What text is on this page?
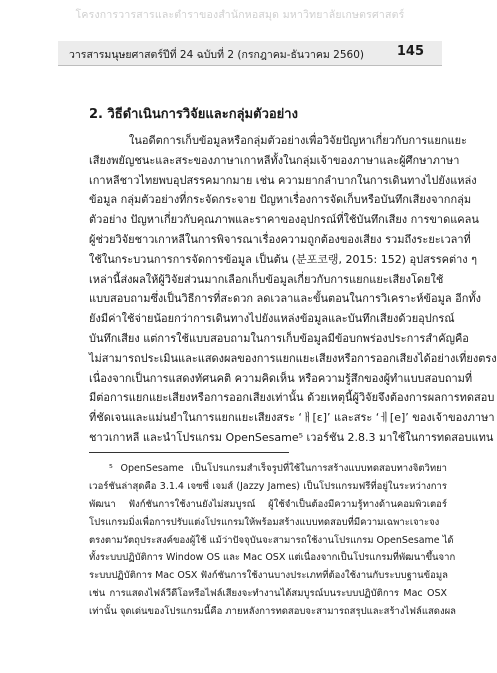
โครงการวารสารและตำราของสำนักหอสมุด มหาวิทยาลัยเกษตรศาสตร์
วารสารมนุษยศาสตร์ปีที่ 24 ฉบับที่ 2 (กรกฎาคม-ธันวาคม 2560)	145
2. วิธีดำเนินการวิจัยและกลุ่มตัวอย่าง
ในอดีตการเก็บข้อมูลหรือกลุ่มตัวอย่างเพื่อวิจัยปัญหาเกี่ยวกับการแยกแยะ
เสียงพยัญชนะและสระของภาษาเกาหลีทั้งในกลุ่มเจ้าของภาษาและผู้ศึกษาภาษา
เกาหลีชาวไทยพบอุปสรรคมากมาย เช่น ความยากลำบากในการเดินทางไปยังแหล่ง
ข้อมูล กลุ่มตัวอย่างที่กระจัดกระจาย ปัญหาเรื่องการจัดเก็บหรือบันทึกเสียงจากกลุ่ม
ตัวอย่าง ปัญหาเกี่ยวกับคุณภาพและราคาของอุปกรณ์ที่ใช้บันทึกเสียง การขาดแคลน
ผู้ช่วยวิจัยชาวเกาหลีในการพิจารณาเรื่องความถูกต้องของเสียง รวมถึงระยะเวลาที่
ใช้ในกระบวนการการจัดการข้อมูล เป็นต้น (분포코랭, 2015: 152) อุปสรรคต่าง ๆ
เหล่านี้ส่งผลให้ผู้วิจัยส่วนมากเลือกเก็บข้อมูลเกี่ยวกับการแยกแยะเสียงโดยใช้
แบบสอบถามซึ่งเป็นวิธีการที่สะดวก ลดเวลาและขั้นตอนในการวิเคราะห์ข้อมูล อีกทั้ง
ยังมีค่าใช้จ่ายน้อยกว่าการเดินทางไปยังแหล่งข้อมูลและบันทึกเสียงด้วยอุปกรณ์
บันทึกเสียง แต่การใช้แบบสอบถามในการเก็บข้อมูลมีข้อบกพร่องประการสำคัญคือ
ไม่สามารถประเมินและแสดงผลของการแยกแยะเสียงหรือการออกเสียงได้อย่างเที่ยงตรง
เนื่องจากเป็นการแสดงทัศนคติ ความคิดเห็น หรือความรู้สึกของผู้ทำแบบสอบถามที่
มีต่อการแยกแยะเสียงหรือการออกเสียงเท่านั้น ด้วยเหตุนี้ผู้วิจัยจึงต้องการผลการทดสอบ
ที่ชัดเจนและแม่นยำในการแยกแยะเสียงสระ ‘ㅐ[ɛ]’ และสระ ‘ㅔ[e]’ ของเจ้าของภาษา
ชาวเกาหลี และนำโปรแกรม OpenSesame⁵ เวอร์ชัน 2.8.3 มาใช้ในการทดสอบแทน
⁵ OpenSesame เป็นโปรแกรมสำเร็จรูปที่ใช้ในการสร้างแบบทดสอบทางจิตวิทยา
เวอร์ชันล่าสุดคือ 3.1.4 เจซซี่ เจมส์ (Jazzy James) เป็นโปรแกรมฟรีที่อยู่ในระหว่างการ
พัฒนา ฟังก์ชันการใช้งานยังไม่สมบูรณ์ ผู้ใช้จำเป็นต้องมีความรู้ทางด้านคอมพิวเตอร์
โปรแกรมมิ่งเพื่อการปรับแต่งโปรแกรมให้พร้อมสร้างแบบทดสอบที่มีความเฉพาะเจาะจง
ตรงตามวัตถุประสงค์ของผู้ใช้ แม้ว่าปัจจุบันจะสามารถใช้งานโปรแกรม OpenSesame ได้
ทั้งระบบปฏิบัติการ Window OS และ Mac OSX แต่เนื่องจากเป็นโปรแกรมที่พัฒนาขึ้นจาก
ระบบปฏิบัติการ Mac OSX ฟังก์ชันการใช้งานบางประเภทที่ต้องใช้งานกับระบบฐานข้อมูล
เช่น การแสดงไฟล์วีดีโอหรือไฟล์เสียงจะทำงานได้สมบูรณ์บนระบบปฏิบัติการ Mac OSX
เท่านั้น จุดเด่นของโปรแกรมนี้คือ ภายหลังการทดสอบจะสามารถสรุปและสร้างไฟล์แสดงผล
